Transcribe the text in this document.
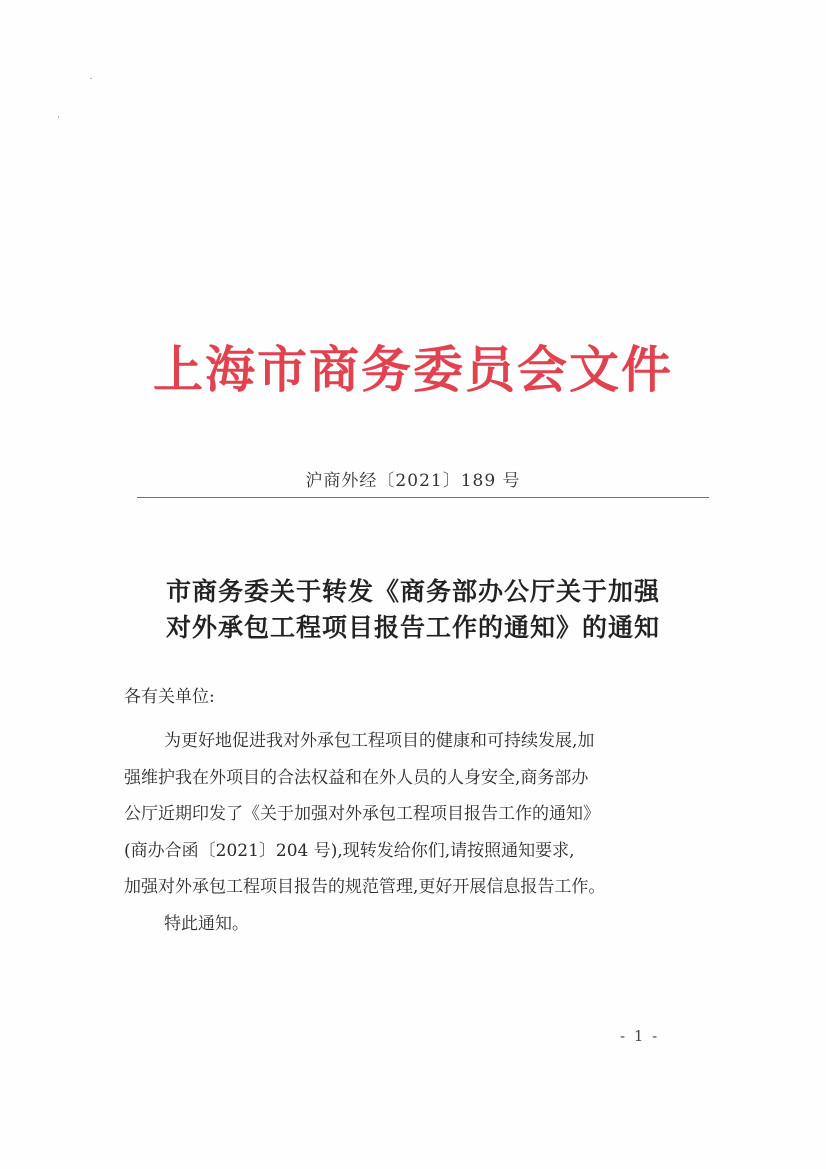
上海市商务委员会文件
沪商外经〔2021〕189 号
市商务委关于转发《商务部办公厅关于加强
对外承包工程项目报告工作的通知》的通知
各有关单位:
为更好地促进我对外承包工程项目的健康和可持续发展,加
强维护我在外项目的合法权益和在外人员的人身安全,商务部办
公厅近期印发了《关于加强对外承包工程项目报告工作的通知》
(商办合函〔2021〕204 号),现转发给你们,请按照通知要求,
加强对外承包工程项目报告的规范管理,更好开展信息报告工作。
特此通知。
- 1 -
